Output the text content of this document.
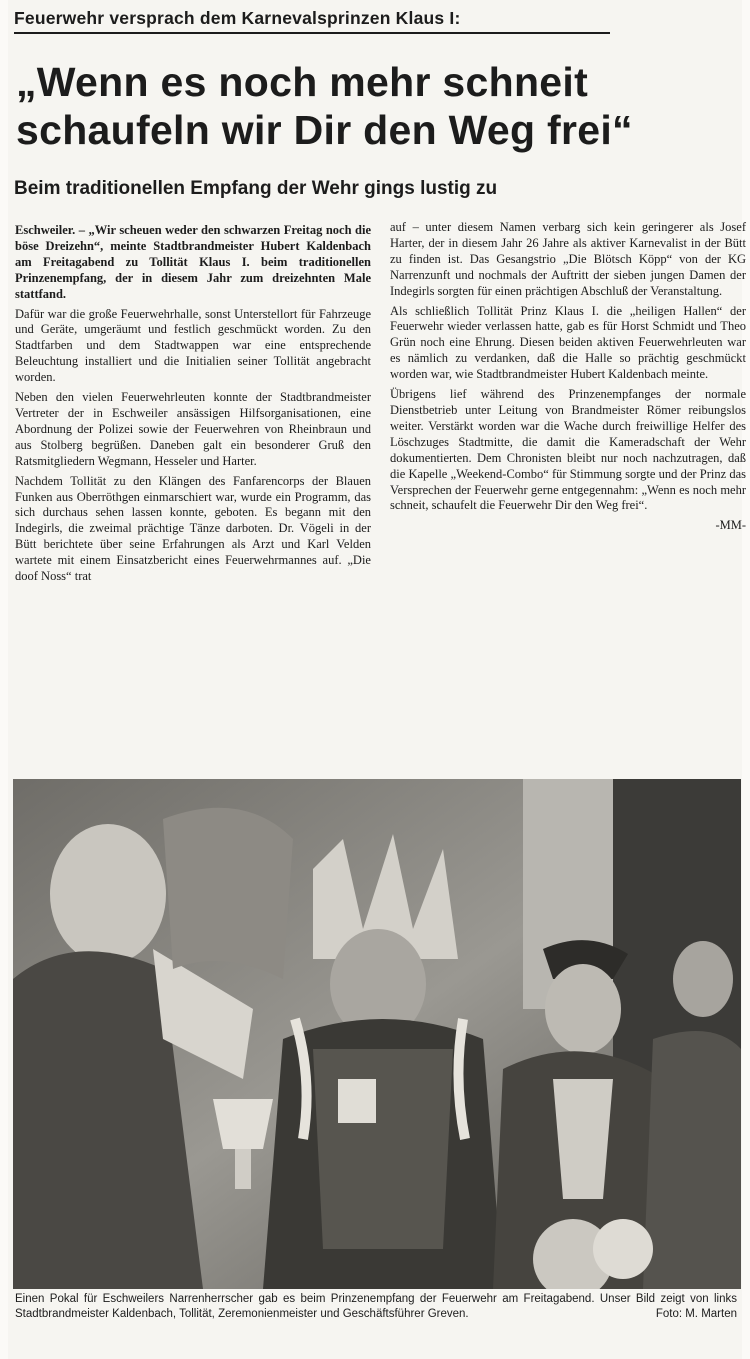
Feuerwehr versprach dem Karnevalsprinzen Klaus I:
„Wenn es noch mehr schneit
schaufeln wir Dir den Weg frei“
Beim traditionellen Empfang der Wehr gings lustig zu

Eschweiler. – „Wir scheuen weder den schwarzen Freitag noch die böse Dreizehn“, meinte Stadtbrandmeister Hubert Kaldenbach am Freitagabend zu Tollität Klaus I. beim traditionellen Prinzenempfang, der in diesem Jahr zum dreizehnten Male stattfand.

Dafür war die große Feuerwehrhalle, sonst Unterstellort für Fahrzeuge und Geräte, umgeräumt und festlich geschmückt worden. Zu den Stadtfarben und dem Stadtwappen war eine entsprechende Beleuchtung installiert und die Initialien seiner Tollität angebracht worden.

Neben den vielen Feuerwehrleuten konnte der Stadtbrandmeister Vertreter der in Eschweiler ansässigen Hilfsorganisationen, eine Abordnung der Polizei sowie der Feuerwehren von Rheinbraun und aus Stolberg begrüßen. Daneben galt ein besonderer Gruß den Ratsmitgliedern Wegmann, Hesseler und Harter.

Nachdem Tollität zu den Klängen des Fanfarencorps der Blauen Funken aus Oberröthgen einmarschiert war, wurde ein Programm, das sich durchaus sehen lassen konnte, geboten. Es begann mit den Indegirls, die zweimal prächtige Tänze darboten. Dr. Vögeli in der Bütt berichtete über seine Erfahrungen als Arzt und Karl Velden wartete mit einem Einsatzbericht eines Feuerwehrmannes auf. „Die doof Noss“ trat

auf – unter diesem Namen verbarg sich kein geringerer als Josef Harter, der in diesem Jahr 26 Jahre als aktiver Karnevalist in der Bütt zu finden ist. Das Gesangstrio „Die Blötsch Köpp“ von der KG Narrenzunft und nochmals der Auftritt der sieben jungen Damen der Indegirls sorgten für einen prächtigen Abschluß der Veranstaltung.

Als schließlich Tollität Prinz Klaus I. die „heiligen Hallen“ der Feuerwehr wieder verlassen hatte, gab es für Horst Schmidt und Theo Grün noch eine Ehrung. Diesen beiden aktiven Feuerwehrleuten war es nämlich zu verdanken, daß die Halle so prächtig geschmückt worden war, wie Stadtbrandmeister Hubert Kaldenbach meinte.

Übrigens lief während des Prinzenempfanges der normale Dienstbetrieb unter Leitung von Brandmeister Römer reibungslos weiter. Verstärkt worden war die Wache durch freiwillige Helfer des Löschzuges Stadtmitte, die damit die Kameradschaft der Wehr dokumentierten. Dem Chronisten bleibt nur noch nachzutragen, daß die Kapelle „Weekend-Combo“ für Stimmung sorgte und der Prinz das Versprechen der Feuerwehr gerne entgegennahm: „Wenn es noch mehr schneit, schaufelt die Feuerwehr Dir den Weg frei“.

-MM-
Einen Pokal für Eschweilers Narrenherrscher gab es beim Prinzenempfang der Feuerwehr am Freitagabend. Unser Bild zeigt von links Stadtbrandmeister Kaldenbach, Tollität, Zeremonienmeister und Geschäftsführer Greven.	Foto: M. Marten
